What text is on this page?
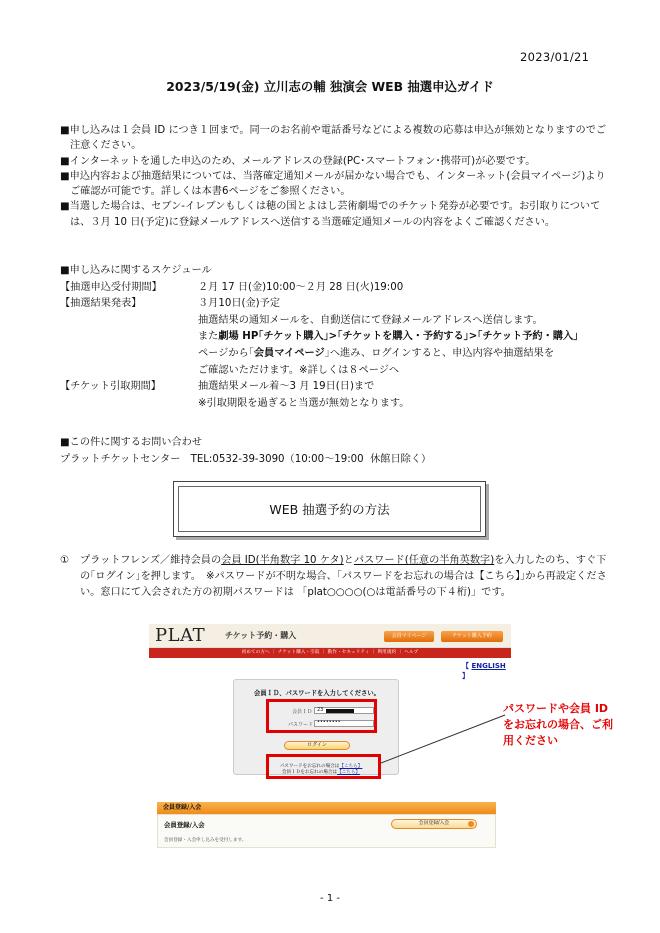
2023/01/21
2023/5/19(金) 立川志の輔 独演会 WEB 抽選申込ガイド

■申し込みは１会員 ID につき１回まで。同一のお名前や電話番号などによる複数の応募は申込が無効となりますのでご注意ください。

■インターネットを通した申込のため、メールアドレスの登録(PC･スマートフォン･携帯可)が必要です。

■申込内容および抽選結果については、当落確定通知メールが届かない場合でも、インターネット(会員マイページ)よりご確認が可能です。詳しくは本書6ページをご参照ください。

■当選した場合は、セブン-イレブンもしくは穂の国とよはし芸術劇場でのチケット発券が必要です。お引取りについては、３月 10 日(予定)に登録メールアドレスへ送信する当選確定通知メールの内容をよくご確認ください。

■申し込みに関するスケジュール
【抽選申込受付期間】	２月 17 日(金)10:00～２月 28 日(火)19:00
【抽選結果発表】	３月10日(金)予定
抽選結果の通知メールを、自動送信にて登録メールアドレスへ送信します。
また劇場 HP｢チケット購入｣>｢チケットを購入・予約する｣>｢チケット予約・購入｣
ページから｢会員マイページ｣へ進み、ログインすると、申込内容や抽選結果を
ご確認いただけます。※詳しくは８ページへ
【チケット引取期間】	抽選結果メール着～3 月 19日(日)まで
※引取期限を過ぎると当選が無効となります。
■この件に関するお問い合わせ
プラットチケットセンター　TEL:0532-39-3090（10:00～19:00  休館日除く）
WEB 抽選予約の方法
①	プラットフレンズ／維持会員の会員 ID(半角数字 10 ケタ)とパスワード(任意の半角英数字)を入力したのち、すぐ下の｢ログイン｣を押します。　※パスワードが不明な場合、｢パスワードをお忘れの場合は【こちら】｣から再設定ください。窓口にて入会された方の初期パスワードは 「plat○○○○(○は電話番号の下４桁)」です。
PLAT チケット予約・購入	会員マイページ	チケット購入予約
初めての方へ ｜ チケット購入・引取 ｜ 動作・セキュリティ ｜ 利用規約 ｜ ヘルプ
【 ENGLISH 】
会員ＩＤ、パスワードを入力してください。
会員ＩＤ 23
パスワード ••••••••
ログイン
パスワードをお忘れの場合は【こちら】
会員ＩＤをお忘れの場合は【こちら】
会員登録/入会
会員登録/入会	会員登録/入会
会員登録・入会申し込みを受付します。
パスワードや会員 ID をお忘れの場合、ご利用ください
- 1 -
